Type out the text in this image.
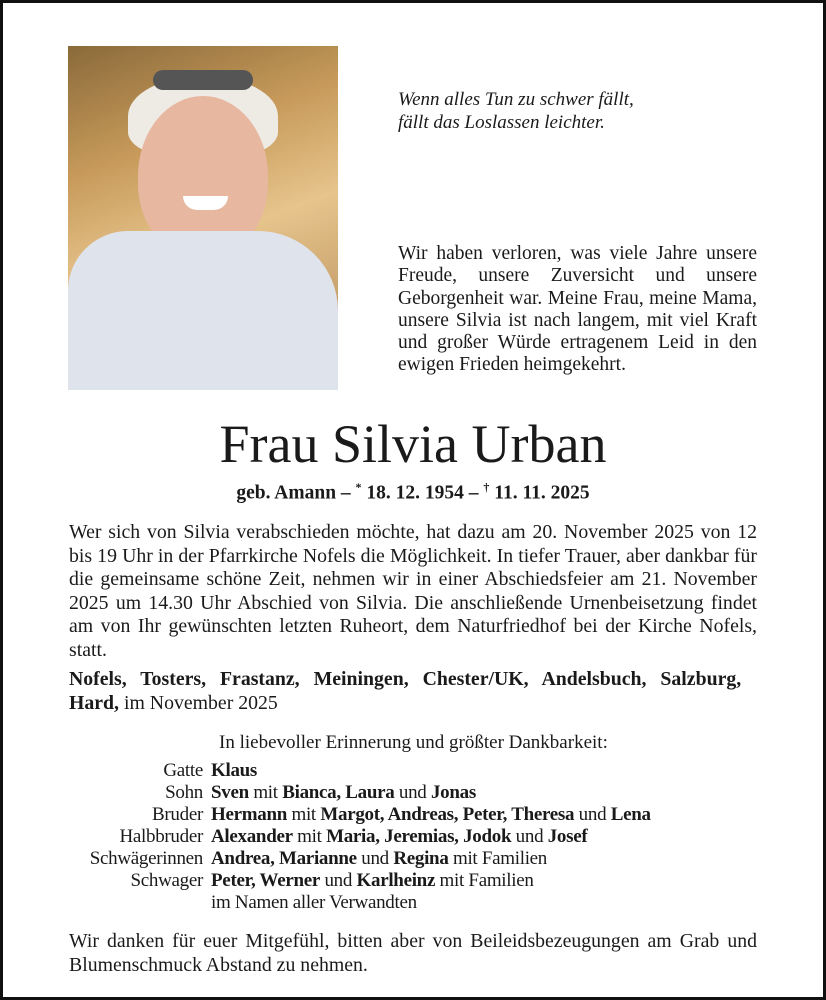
Wenn alles Tun zu schwer fällt,
fällt das Loslassen leichter.
Wir haben verloren, was viele Jahre unsere Freude, unsere Zuversicht und unsere Geborgenheit war. Meine Frau, meine Mama, unsere Silvia ist nach langem, mit viel Kraft und großer Würde ertragenem Leid in den ewigen Frieden heimgekehrt.
Frau Silvia Urban
geb. Amann – * 18. 12. 1954 – † 11. 11. 2025
Wer sich von Silvia verabschieden möchte, hat dazu am 20. November 2025 von 12 bis 19 Uhr in der Pfarrkirche Nofels die Möglichkeit. In tiefer Trauer, aber dankbar für die gemeinsame schöne Zeit, nehmen wir in einer Abschiedsfeier am 21. November 2025 um 14.30 Uhr Abschied von Silvia. Die anschließende Urnenbeisetzung findet am von Ihr gewünschten letzten Ruheort, dem Naturfriedhof bei der Kirche Nofels, statt.
Nofels, Tosters, Frastanz, Meiningen, Chester/UK, Andelsbuch, Salzburg, Hard, im November 2025
In liebevoller Erinnerung und größter Dankbarkeit:
Gatte Klaus
Sohn Sven mit Bianca, Laura und Jonas
Bruder Hermann mit Margot, Andreas, Peter, Theresa und Lena
Halbbruder Alexander mit Maria, Jeremias, Jodok und Josef
Schwägerinnen Andrea, Marianne und Regina mit Familien
Schwager Peter, Werner und Karlheinz mit Familien
im Namen aller Verwandten
Wir danken für euer Mitgefühl, bitten aber von Beileidsbezeugungen am Grab und Blumenschmuck Abstand zu nehmen.
